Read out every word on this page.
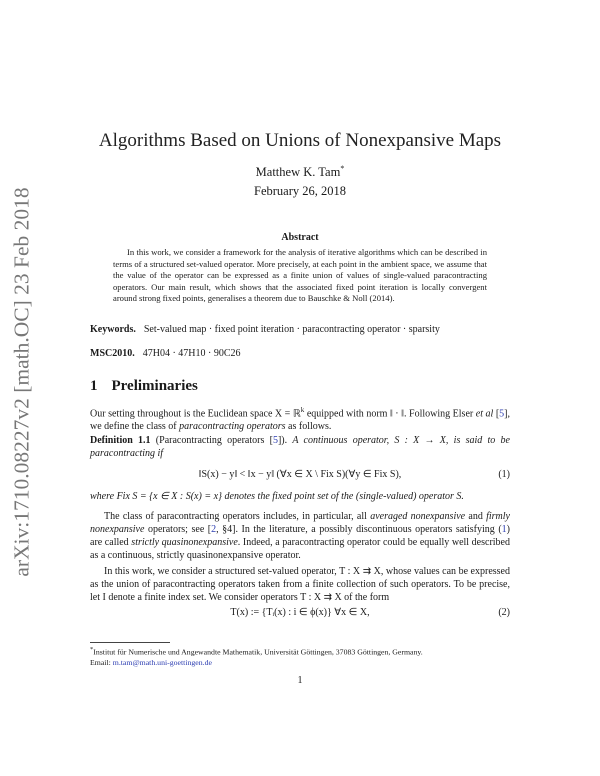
arXiv:1710.08227v2 [math.OC] 23 Feb 2018
Algorithms Based on Unions of Nonexpansive Maps
Matthew K. Tam*
February 26, 2018
Abstract

In this work, we consider a framework for the analysis of iterative algorithms which can be described in terms of a structured set-valued operator. More precisely, at each point in the ambient space, we assume that the value of the operator can be expressed as a finite union of values of single-valued paracontracting operators. Our main result, which shows that the associated fixed point iteration is locally convergent around strong fixed points, generalises a theorem due to Bauschke & Noll (2014).

Keywords. Set-valued map · fixed point iteration · paracontracting operator · sparsity
MSC2010. 47H04 · 47H10 · 90C26
1 Preliminaries

Our setting throughout is the Euclidean space X = ℝ$^k$ equipped with norm ‖ · ‖. Following Elser et al [5], we define the class of paracontracting operators as follows.

Definition 1.1 (Paracontracting operators [5]). A continuous operator, S : X → X, is said to be paracontracting if

‖S(x) − y‖ < ‖x − y‖ (∀x ∈ X \ Fix S)(∀y ∈ Fix S),	(1)

where Fix S = {x ∈ X : S(x) = x} denotes the fixed point set of the (single-valued) operator S.

The class of paracontracting operators includes, in particular, all averaged nonexpansive and firmly nonexpansive operators; see [2, §4]. In the literature, a possibly discontinuous operators satisfying (1) are called strictly quasinonexpansive. Indeed, a paracontracting operator could be equally well described as a continuous, strictly quasinonexpansive operator.

In this work, we consider a structured set-valued operator, T : X ⇉ X, whose values can be expressed as the union of paracontracting operators taken from a finite collection of such operators. To be precise, let I denote a finite index set. We consider operators T : X ⇉ X of the form

T(x) := {Tᵢ(x) : i ∈ ϕ(x)} ∀x ∈ X,	(2)

*Institut für Numerische und Angewandte Mathematik, Universität Göttingen, 37083 Göttingen, Germany.
Email: m.tam@math.uni-goettingen.de

1
